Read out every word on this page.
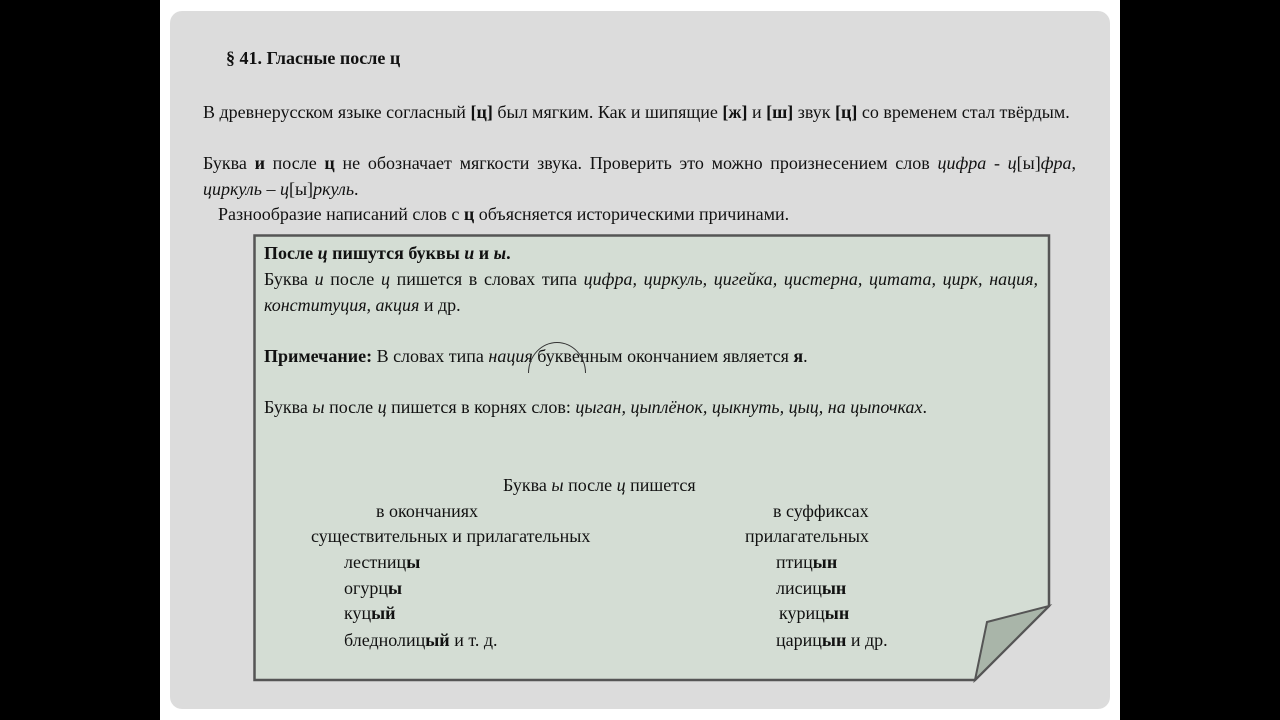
§ 41. Гласные после ц

В древнерусском языке согласный [ц] был мягким. Как и шипящие [ж] и [ш] звук [ц] со временем стал твёрдым.

Буква и после ц не обозначает мягкости звука. Проверить это можно произнесением слов цифра - ц[ы]фра, циркуль – ц[ы]ркуль.

Разнообразие написаний слов с ц объясняется историческими причинами.

После ц пишутся буквы и и ы.

Буква и после ц пишется в словах типа цифра, циркуль, цигейка, цистерна, цитата, цирк, нация, конституция, акция и др.

Примечание: В словах типа нация буквенным окончанием является я.

Буква ы после ц пишется в корнях слов: цыган, цыплёнок, цыкнуть, цыц, на цыпочках.

Буква ы после ц пишется
в окончаниях
существительных и прилагательных
в суффиксах
прилагательных
лестницы
огурцы
куцый
бледнолицый и т. д.
птицын
лисицын
курицын
царицын и др.
